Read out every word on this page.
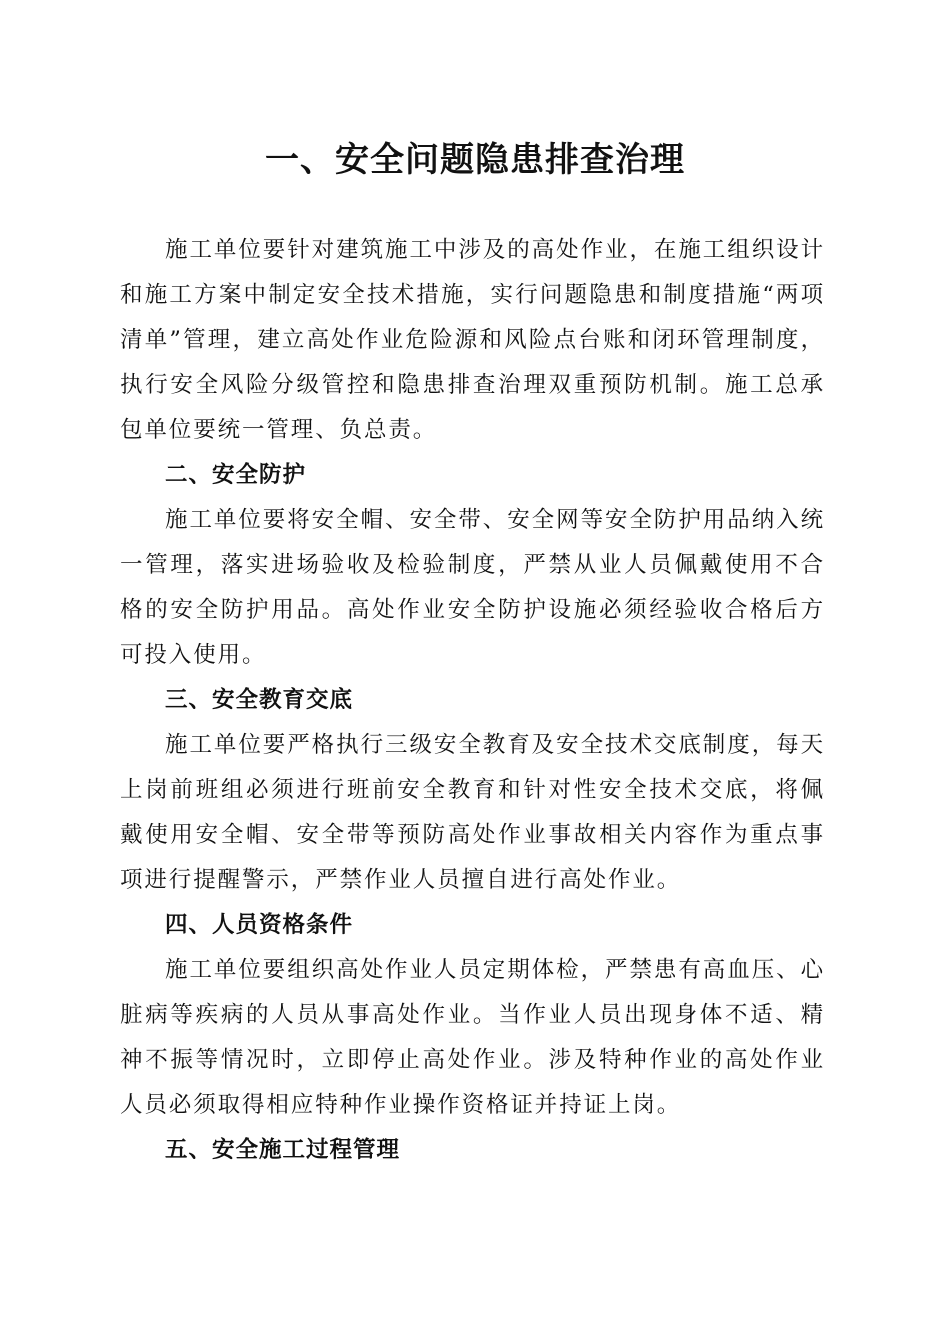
一、安全问题隐患排查治理

施工单位要针对建筑施工中涉及的高处作业，在施工组织设计和施工方案中制定安全技术措施，实行问题隐患和制度措施“两项清单”管理，建立高处作业危险源和风险点台账和闭环管理制度，执行安全风险分级管控和隐患排查治理双重预防机制。施工总承包单位要统一管理、负总责。

二、安全防护

施工单位要将安全帽、安全带、安全网等安全防护用品纳入统一管理，落实进场验收及检验制度，严禁从业人员佩戴使用不合格的安全防护用品。高处作业安全防护设施必须经验收合格后方可投入使用。

三、安全教育交底

施工单位要严格执行三级安全教育及安全技术交底制度，每天上岗前班组必须进行班前安全教育和针对性安全技术交底，将佩戴使用安全帽、安全带等预防高处作业事故相关内容作为重点事项进行提醒警示，严禁作业人员擅自进行高处作业。

四、人员资格条件

施工单位要组织高处作业人员定期体检，严禁患有高血压、心脏病等疾病的人员从事高处作业。当作业人员出现身体不适、精神不振等情况时，立即停止高处作业。涉及特种作业的高处作业人员必须取得相应特种作业操作资格证并持证上岗。

五、安全施工过程管理
